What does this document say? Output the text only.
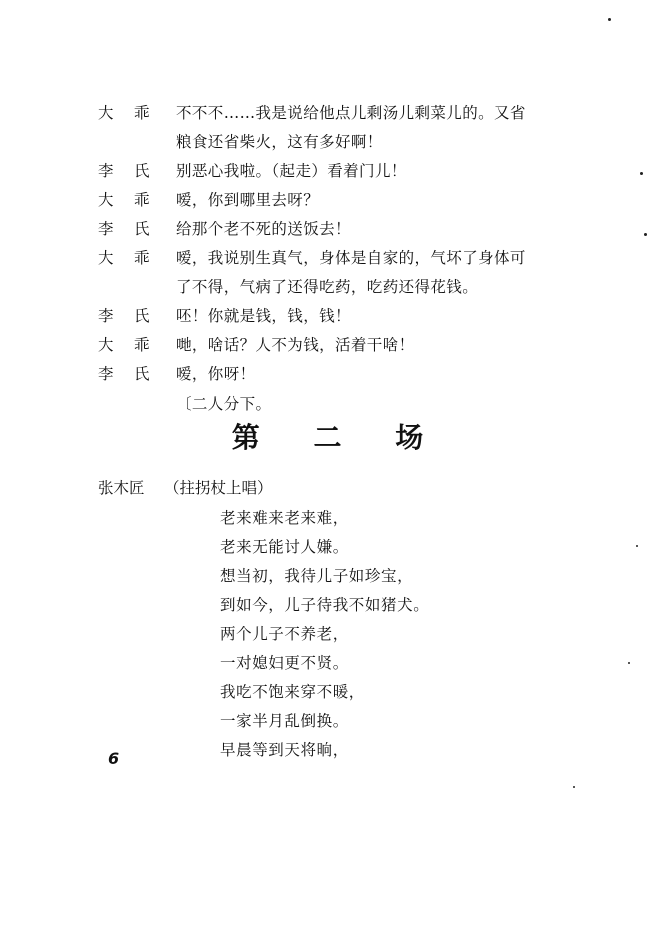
大 乖 不不不……我是说给他点儿剩汤儿剩菜儿的。又省
粮食还省柴火，这有多好啊！
李 氏 别恶心我啦。（起走）看着门儿！
大 乖 嗳，你到哪里去呀？
李 氏 给那个老不死的送饭去！
大 乖 嗳，我说别生真气，身体是自家的，气坏了身体可
了不得，气病了还得吃药，吃药还得花钱。
李 氏 呸！你就是钱，钱，钱！
大 乖 哋，啥话？人不为钱，活着干啥！
李 氏 嗳，你呀！
〔二人分下。
第 二 场
张木匠 （拄拐杖上唱）
老来难来老来难，
老来无能讨人嫌。
想当初，我待儿子如珍宝，
到如今，儿子待我不如猪犬。
两个儿子不养老，
一对媳妇更不贤。
我吃不饱来穿不暖，
一家半月乱倒换。
早晨等到天将晌，
6
